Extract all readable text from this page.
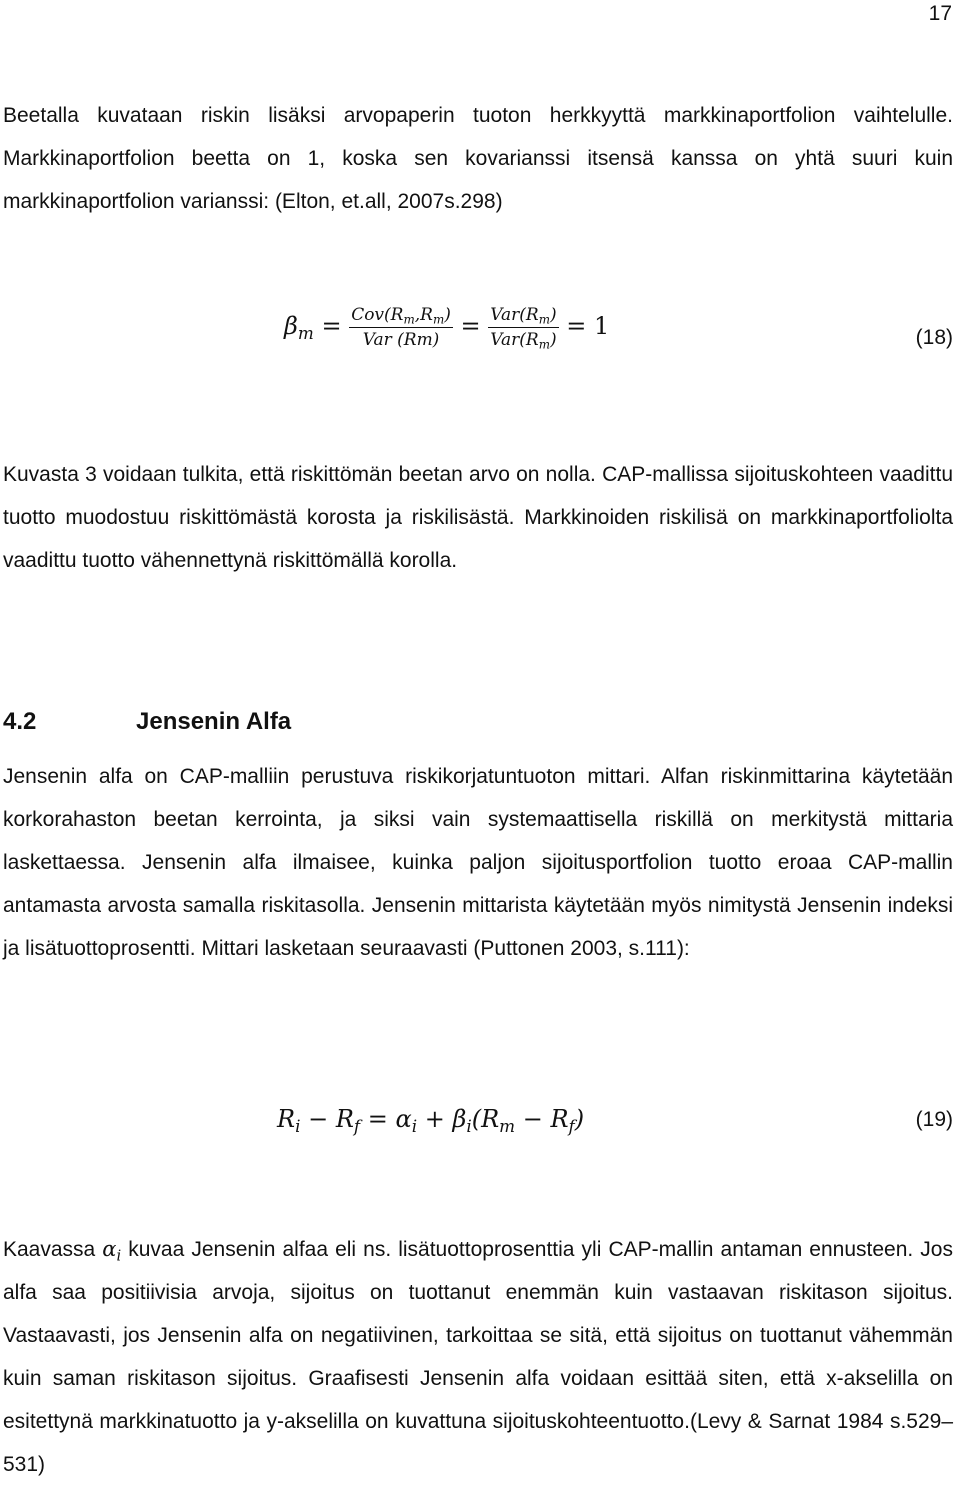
17

Beetalla kuvataan riskin lisäksi arvopaperin tuoton herkkyyttä markkinaportfolion vaihtelulle. Markkinaportfolion beetta on 1, koska sen kovarianssi itsensä kanssa on yhtä suuri kuin markkinaportfolion varianssi: (Elton, et.all, 2007s.298)

$\beta_m = \frac{Cov(R_m,R_m)}{\text{Var (Rm)}} = \frac{Var(R_m)}{Var(R_m)} = 1$	(18)

Kuvasta 3 voidaan tulkita, että riskittömän beetan arvo on nolla. CAP-mallissa sijoituskohteen vaadittu tuotto muodostuu riskittömästä korosta ja riskilisästä. Markkinoiden riskilisä on markkinaportfoliolta vaadittu tuotto vähennettynä riskittömällä korolla.

4.2	Jensenin Alfa

Jensenin alfa on CAP-malliin perustuva riskikorjatuntuoton mittari. Alfan riskinmittarina käytetään korkorahaston beetan kerrointa, ja siksi vain systemaattisella riskillä on merkitystä mittaria laskettaessa. Jensenin alfa ilmaisee, kuinka paljon sijoitusportfolion tuotto eroaa CAP-mallin antamasta arvosta samalla riskitasolla. Jensenin mittarista käytetään myös nimitystä Jensenin indeksi ja lisätuottoprosentti. Mittari lasketaan seuraavasti (Puttonen 2003, s.111):

$R_i - R_f = \alpha_i + \beta_i(R_m - R_f)$	(19)

Kaavassa $\alpha_i$ kuvaa Jensenin alfaa eli ns. lisätuottoprosenttia yli CAP-mallin antaman ennusteen. Jos alfa saa positiivisia arvoja, sijoitus on tuottanut enemmän kuin vastaavan riskitason sijoitus. Vastaavasti, jos Jensenin alfa on negatiivinen, tarkoittaa se sitä, että sijoitus on tuottanut vähemmän kuin saman riskitason sijoitus. Graafisesti Jensenin alfa voidaan esittää siten, että x-akselilla on esitettynä markkinatuotto ja y-akselilla on kuvattuna sijoituskohteentuotto.(Levy & Sarnat 1984 s.529–531)
